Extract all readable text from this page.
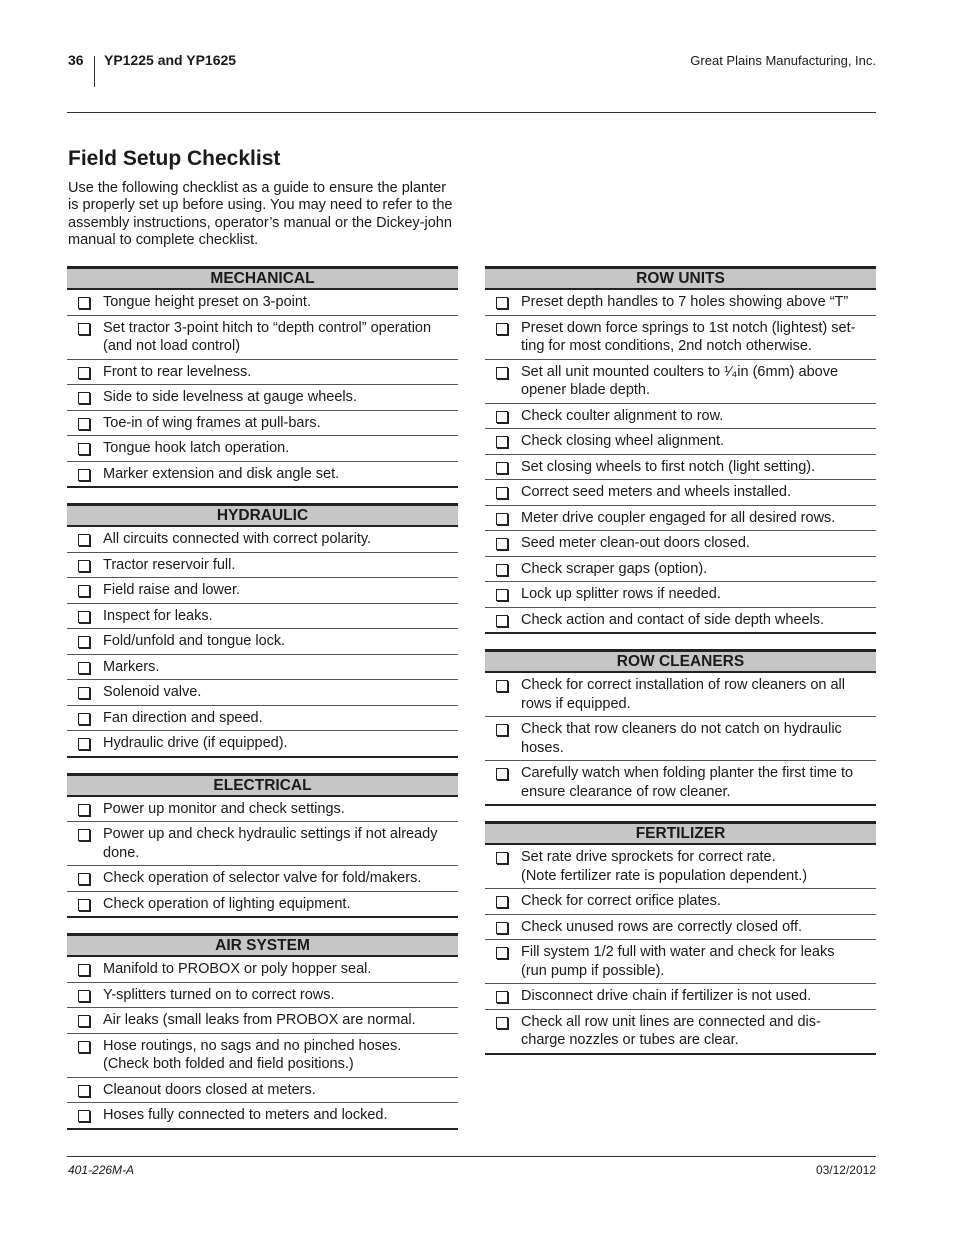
36 YP1225 and YP1625	Great Plains Manufacturing, Inc.
Field Setup Checklist

Use the following checklist as a guide to ensure the planter is properly set up before using. You may need to refer to the assembly instructions, operator’s manual or the Dickey-john manual to complete checklist.

MECHANICAL
Tongue height preset on 3-point.
Set tractor 3-point hitch to “depth control” operation
(and not load control)
Front to rear levelness.
Side to side levelness at gauge wheels.
Toe-in of wing frames at pull-bars.
Tongue hook latch operation.
Marker extension and disk angle set.
HYDRAULIC
All circuits connected with correct polarity.
Tractor reservoir full.
Field raise and lower.
Inspect for leaks.
Fold/unfold and tongue lock.
Markers.
Solenoid valve.
Fan direction and speed.
Hydraulic drive (if equipped).
ELECTRICAL
Power up monitor and check settings.
Power up and check hydraulic settings if not already
done.
Check operation of selector valve for fold/makers.
Check operation of lighting equipment.
AIR SYSTEM
Manifold to PROBOX or poly hopper seal.
Y-splitters turned on to correct rows.
Air leaks (small leaks from PROBOX are normal.
Hose routings, no sags and no pinched hoses.
(Check both folded and field positions.)
Cleanout doors closed at meters.
Hoses fully connected to meters and locked.
ROW UNITS
Preset depth handles to 7 holes showing above “T”
Preset down force springs to 1st notch (lightest) set-
ting for most conditions, 2nd notch otherwise.
Set all unit mounted coulters to ¹⁄₄in (6mm) above
opener blade depth.
Check coulter alignment to row.
Check closing wheel alignment.
Set closing wheels to first notch (light setting).
Correct seed meters and wheels installed.
Meter drive coupler engaged for all desired rows.
Seed meter clean-out doors closed.
Check scraper gaps (option).
Lock up splitter rows if needed.
Check action and contact of side depth wheels.
ROW CLEANERS
Check for correct installation of row cleaners on all
rows if equipped.
Check that row cleaners do not catch on hydraulic
hoses.
Carefully watch when folding planter the first time to
ensure clearance of row cleaner.
FERTILIZER
Set rate drive sprockets for correct rate.
(Note fertilizer rate is population dependent.)
Check for correct orifice plates.
Check unused rows are correctly closed off.
Fill system 1/2 full with water and check for leaks
(run pump if possible).
Disconnect drive chain if fertilizer is not used.
Check all row unit lines are connected and dis-
charge nozzles or tubes are clear.
401-226M-A	03/12/2012
